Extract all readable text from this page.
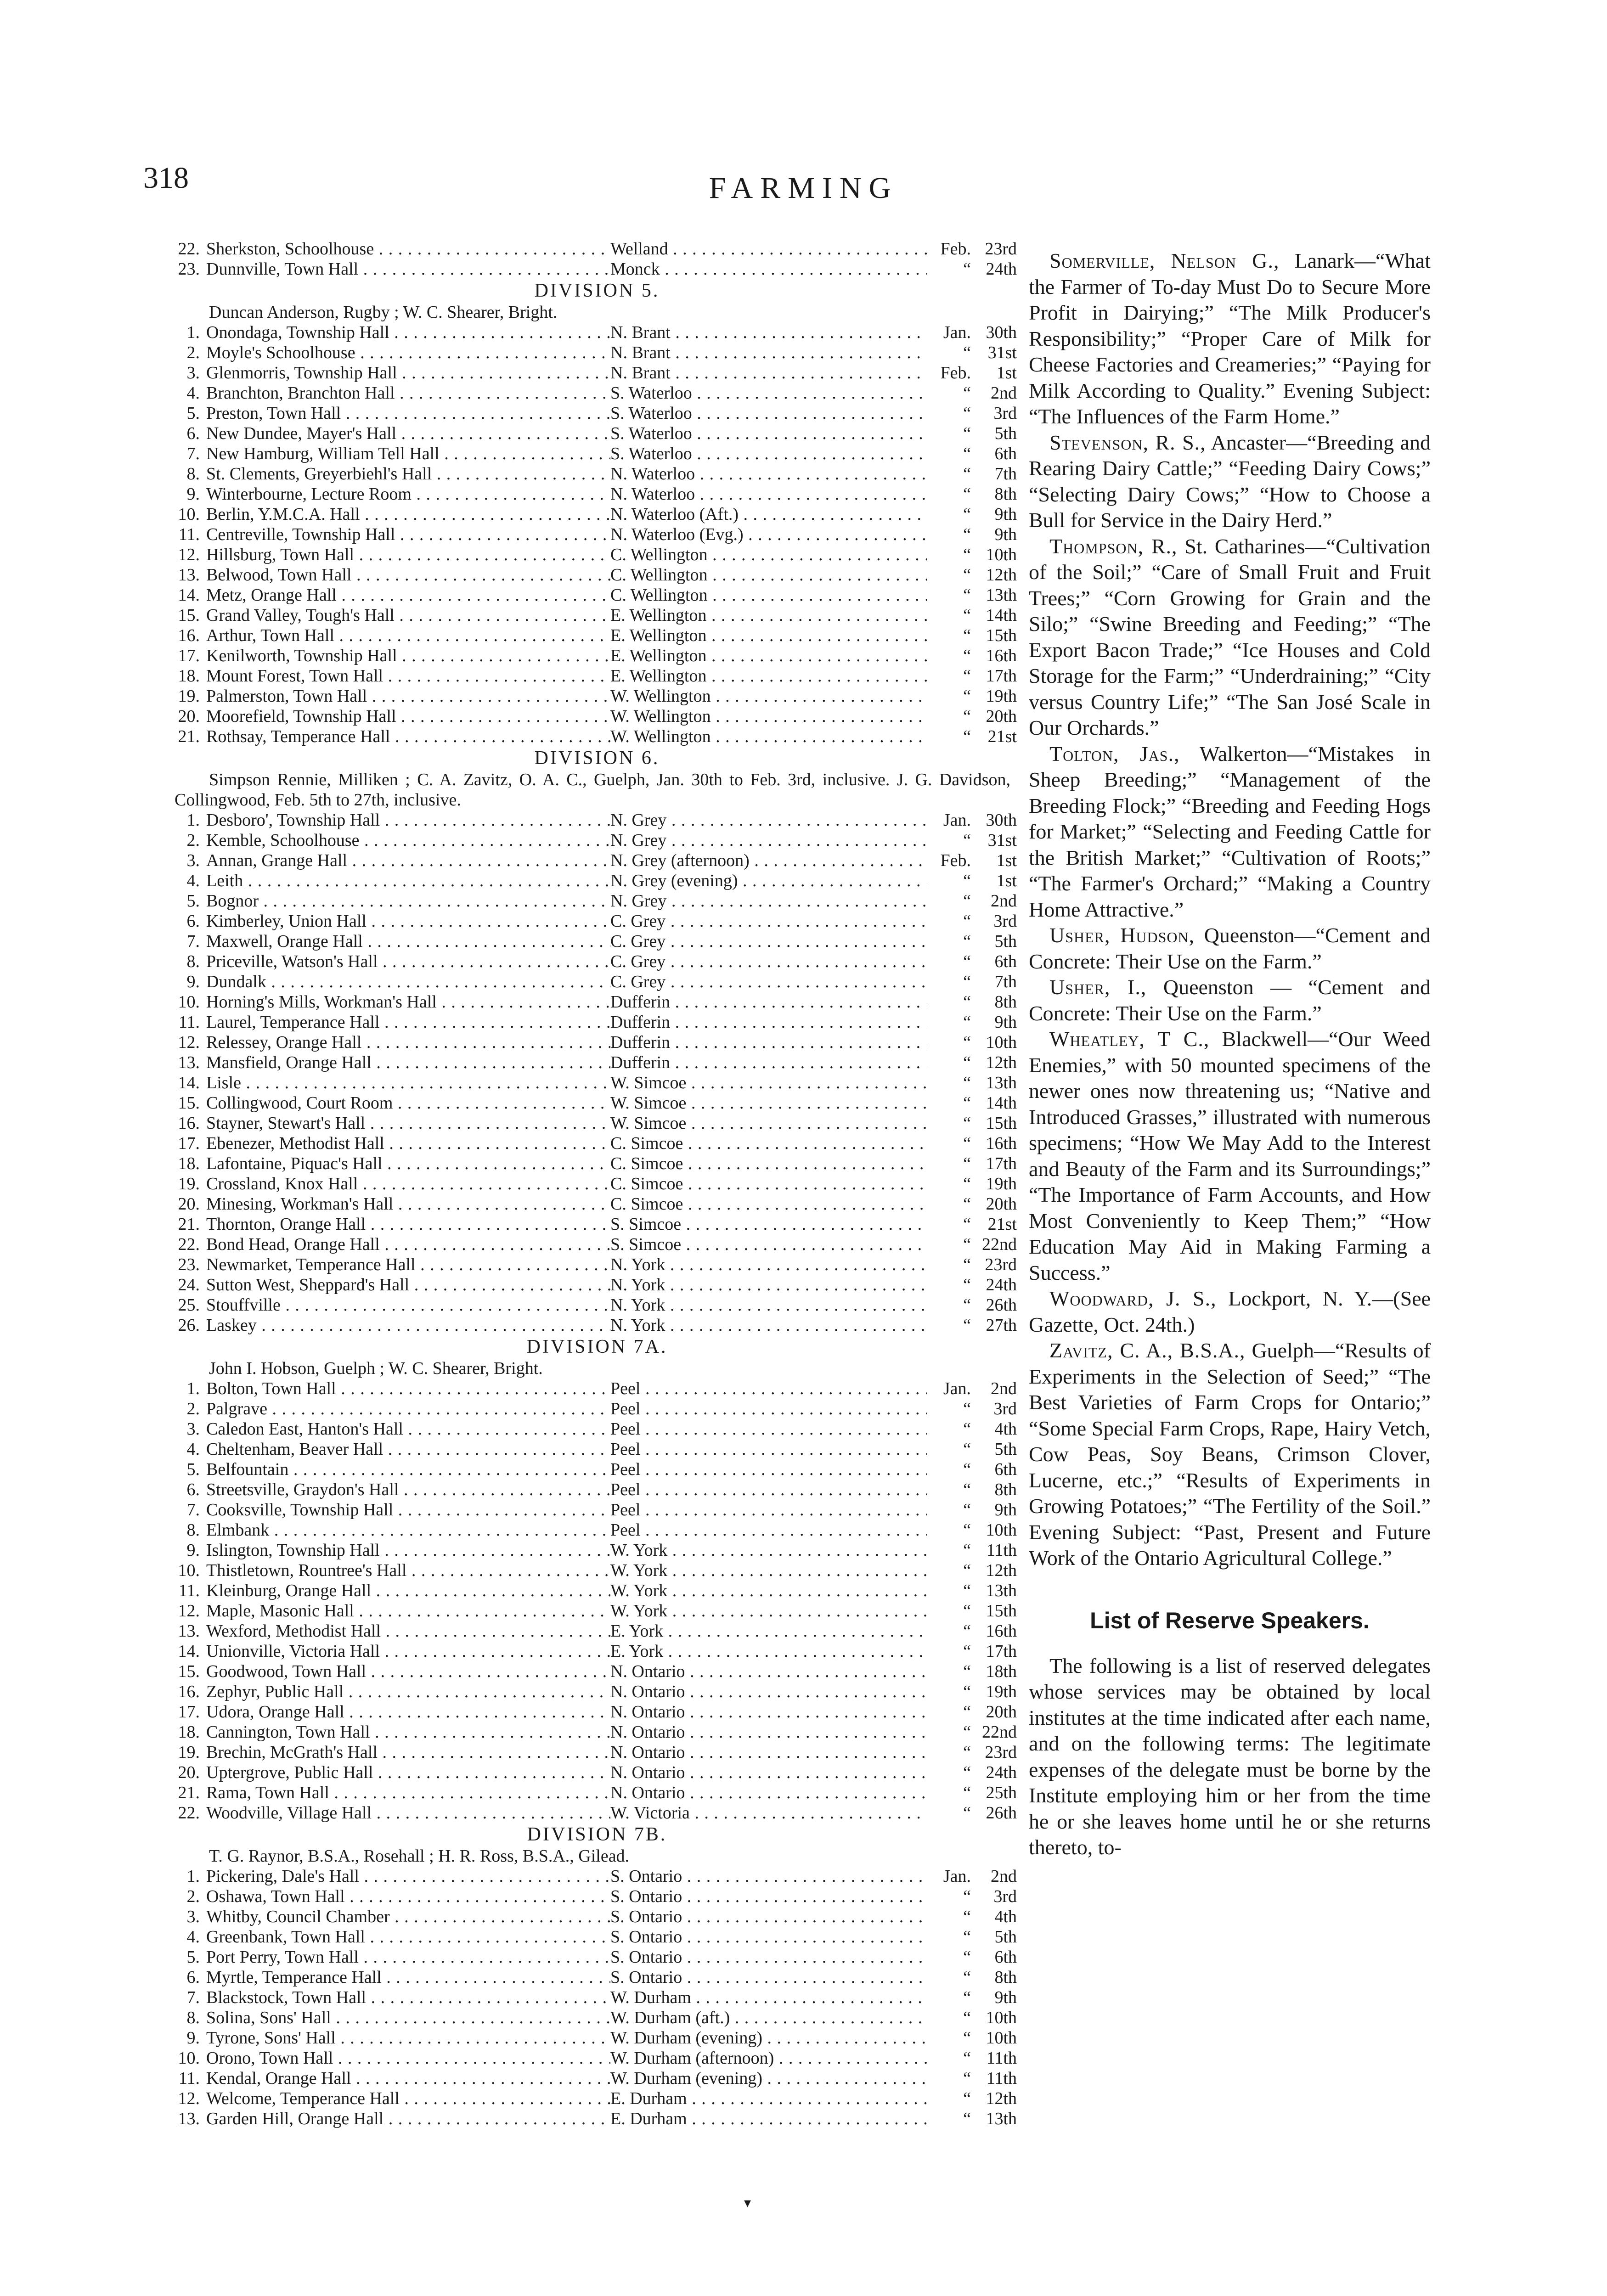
318	FARMING
22. Sherkston, Schoolhouse . . .	Welland . . .	Feb. 23rd
23. Dunnville, Town Hall . . .	Monck . . .	“ 24th
DIVISION 5.
Duncan Anderson, Rugby ; W. C. Shearer, Bright.
1. Onondaga, Township Hall . . .	N. Brant . . .	Jan. 30th
2. Moyle's Schoolhouse . . .	N. Brant . . .	“ 31st
3. Glenmorris, Township Hall . . .	N. Brant . . .	Feb.	1st
4. Branchton, Branchton Hall . . .	S. Waterloo . . .	“	2nd
5. Preston, Town Hall . . .	S. Waterloo . . .	“	3rd
6. New Dundee, Mayer's Hall . . .	S. Waterloo . . .	“	5th
7. New Hamburg, William Tell Hall . . .	S. Waterloo . . .	“	6th
8. St. Clements, Greyerbiehl's Hall . . .	N. Waterloo . . .	“	7th
9. Winterbourne, Lecture Room . . .	N. Waterloo . . .	“	8th
10. Berlin, Y.M.C.A. Hall . . .	N. Waterloo (Aft.) . . .	“	9th
11. Centreville, Township Hall . . .	N. Waterloo (Evg.) . . .	“	9th
12. Hillsburg, Town Hall . . .	C. Wellington . . .	“ 10th
13. Belwood, Town Hall . . .	C. Wellington . . .	“ 12th
14. Metz, Orange Hall . . .	C. Wellington . . .	“ 13th
15. Grand Valley, Tough's Hall . . .	E. Wellington . . .	“ 14th
16. Arthur, Town Hall . . .	E. Wellington . . .	“ 15th
17. Kenilworth, Township Hall . . .	E. Wellington . . .	“ 16th
18. Mount Forest, Town Hall . . .	E. Wellington . . .	“ 17th
19. Palmerston, Town Hall . . .	W. Wellington . . .	“ 19th
20. Moorefield, Township Hall . . .	W. Wellington . . .	“ 20th
21. Rothsay, Temperance Hall . . .	W. Wellington . . .	“ 21st
DIVISION 6.
Simpson Rennie, Milliken ; C. A. Zavitz, O. A. C., Guelph, Jan. 30th to Feb. 3rd, inclusive. J. G. Davidson, Collingwood, Feb. 5th to 27th, inclusive.
1. Desboro', Township Hall . . .	N. Grey . . .	Jan. 30th
2. Kemble, Schoolhouse . . .	N. Grey . . .	“ 31st
3. Annan, Grange Hall . . .	N. Grey (afternoon) . . .	Feb.	1st
4. Leith . . .	N. Grey (evening) . . .	“	1st
5. Bognor . . .	N. Grey . . .	“	2nd
6. Kimberley, Union Hall . . .	C. Grey . . .	“	3rd
7. Maxwell, Orange Hall . . .	C. Grey . . .	“	5th
8. Priceville, Watson's Hall . . .	C. Grey . . .	“	6th
9. Dundalk . . .	C. Grey . . .	“	7th
10. Horning's Mills, Workman's Hall . . .	Dufferin . . .	“	8th
11. Laurel, Temperance Hall . . .	Dufferin . . .	“	9th
12. Relessey, Orange Hall . . .	Dufferin . . .	“ 10th
13. Mansfield, Orange Hall . . .	Dufferin . . .	“ 12th
14. Lisle . . .	W. Simcoe . . .	“ 13th
15. Collingwood, Court Room . . .	W. Simcoe . . .	“ 14th
16. Stayner, Stewart's Hall . . .	W. Simcoe . . .	“ 15th
17. Ebenezer, Methodist Hall . . .	C. Simcoe . . .	“ 16th
18. Lafontaine, Piquac's Hall . . .	C. Simcoe . . .	“ 17th
19. Crossland, Knox Hall . . .	C. Simcoe . . .	“ 19th
20. Minesing, Workman's Hall . . .	C. Simcoe . . .	“ 20th
21. Thornton, Orange Hall . . .	S. Simcoe . . .	“ 21st
22. Bond Head, Orange Hall . . .	S. Simcoe . . .	“ 22nd
23. Newmarket, Temperance Hall . . .	N. York . . .	“ 23rd
24. Sutton West, Sheppard's Hall . . .	N. York . . .	“ 24th
25. Stouffville . . .	N. York . . .	“ 26th
26. Laskey . . .	N. York . . .	“ 27th
DIVISION 7A.
John I. Hobson, Guelph ; W. C. Shearer, Bright.
1. Bolton, Town Hall . . .	Peel . . .	Jan.	2nd
2. Palgrave . . .	Peel . . .	“	3rd
3. Caledon East, Hanton's Hall . . .	Peel . . .	“	4th
4. Cheltenham, Beaver Hall . . .	Peel . . .	“	5th
5. Belfountain . . .	Peel . . .	“	6th
6. Streetsville, Graydon's Hall . . .	Peel . . .	“	8th
7. Cooksville, Township Hall . . .	Peel . . .	“	9th
8. Elmbank . . .	Peel . . .	“ 10th
9. Islington, Township Hall . . .	W. York . . .	“ 11th
10. Thistletown, Rountree's Hall . . .	W. York . . .	“ 12th
11. Kleinburg, Orange Hall . . .	W. York . . .	“ 13th
12. Maple, Masonic Hall . . .	W. York . . .	“ 15th
13. Wexford, Methodist Hall . . .	E. York . . .	“ 16th
14. Unionville, Victoria Hall . . .	E. York . . .	“ 17th
15. Goodwood, Town Hall . . .	N. Ontario . . .	“ 18th
16. Zephyr, Public Hall . . .	N. Ontario . . .	“ 19th
17. Udora, Orange Hall . . .	N. Ontario . . .	“ 20th
18. Cannington, Town Hall . . .	N. Ontario . . .	“ 22nd
19. Brechin, McGrath's Hall . . .	N. Ontario . . .	“ 23rd
20. Uptergrove, Public Hall . . .	N. Ontario . . .	“ 24th
21. Rama, Town Hall . . .	N. Ontario . . .	“ 25th
22. Woodville, Village Hall . . .	W. Victoria . . .	“ 26th
DIVISION 7B.
T. G. Raynor, B.S.A., Rosehall ; H. R. Ross, B.S.A., Gilead.
1. Pickering, Dale's Hall . . .	S. Ontario . . .	Jan.	2nd
2. Oshawa, Town Hall . . .	S. Ontario . . .	“	3rd
3. Whitby, Council Chamber . . .	S. Ontario . . .	“	4th
4. Greenbank, Town Hall . . .	S. Ontario . . .	“	5th
5. Port Perry, Town Hall . . .	S. Ontario . . .	“	6th
6. Myrtle, Temperance Hall . . .	S. Ontario . . .	“	8th
7. Blackstock, Town Hall . . .	W. Durham . . .	“	9th
8. Solina, Sons' Hall . . .	W. Durham (aft.) . . .	“ 10th
9. Tyrone, Sons' Hall . . .	W. Durham (evening) . . .	“ 10th
10. Orono, Town Hall . . .	W. Durham (afternoon) . . .	“ 11th
11. Kendal, Orange Hall . . .	W. Durham (evening) . . .	“ 11th
12. Welcome, Temperance Hall . . .	E. Durham . . .	“ 12th
13. Garden Hill, Orange Hall . . .	E. Durham . . .	“ 13th

Somerville, Nelson G., Lanark—“What the Farmer of To-day Must Do to Secure More Profit in Dairying;” “The Milk Producer's Responsibility;” “Proper Care of Milk for Cheese Factories and Creameries;” “Paying for Milk According to Quality.” Evening Subject: “The Influences of the Farm Home.”

Stevenson, R. S., Ancaster—“Breeding and Rearing Dairy Cattle;” “Feeding Dairy Cows;” “Selecting Dairy Cows;” “How to Choose a Bull for Service in the Dairy Herd.”

Thompson, R., St. Catharines—“Cultivation of the Soil;” “Care of Small Fruit and Fruit Trees;” “Corn Growing for Grain and the Silo;” “Swine Breeding and Feeding;” “The Export Bacon Trade;” “Ice Houses and Cold Storage for the Farm;” “Underdraining;” “City versus Country Life;” “The San José Scale in Our Orchards.”

Tolton, Jas., Walkerton—“Mistakes in Sheep Breeding;” “Management of the Breeding Flock;” “Breeding and Feeding Hogs for Market;” “Selecting and Feeding Cattle for the British Market;” “Cultivation of Roots;” “The Farmer's Orchard;” “Making a Country Home Attractive.”

Usher, Hudson, Queenston—“Cement and Concrete: Their Use on the Farm.”

Usher, I., Queenston — “Cement and Concrete: Their Use on the Farm.”

Wheatley, T C., Blackwell—“Our Weed Enemies,” with 50 mounted specimens of the newer ones now threatening us; “Native and Introduced Grasses,” illustrated with numerous specimens; “How We May Add to the Interest and Beauty of the Farm and its Surroundings;” “The Importance of Farm Accounts, and How Most Conveniently to Keep Them;” “How Education May Aid in Making Farming a Success.”

Woodward, J. S., Lockport, N. Y.—(See Gazette, Oct. 24th.)

Zavitz, C. A., B.S.A., Guelph—“Results of Experiments in the Selection of Seed;” “The Best Varieties of Farm Crops for Ontario;” “Some Special Farm Crops, Rape, Hairy Vetch, Cow Peas, Soy Beans, Crimson Clover, Lucerne, etc.;” “Results of Experiments in Growing Potatoes;” “The Fertility of the Soil.” Evening Subject: “Past, Present and Future Work of the Ontario Agricultural College.”

List of Reserve Speakers.

The following is a list of reserved delegates whose services may be obtained by local institutes at the time indicated after each name, and on the following terms: The legitimate expenses of the delegate must be borne by the Institute employing him or her from the time he or she leaves home until he or she returns thereto, to-

▾
